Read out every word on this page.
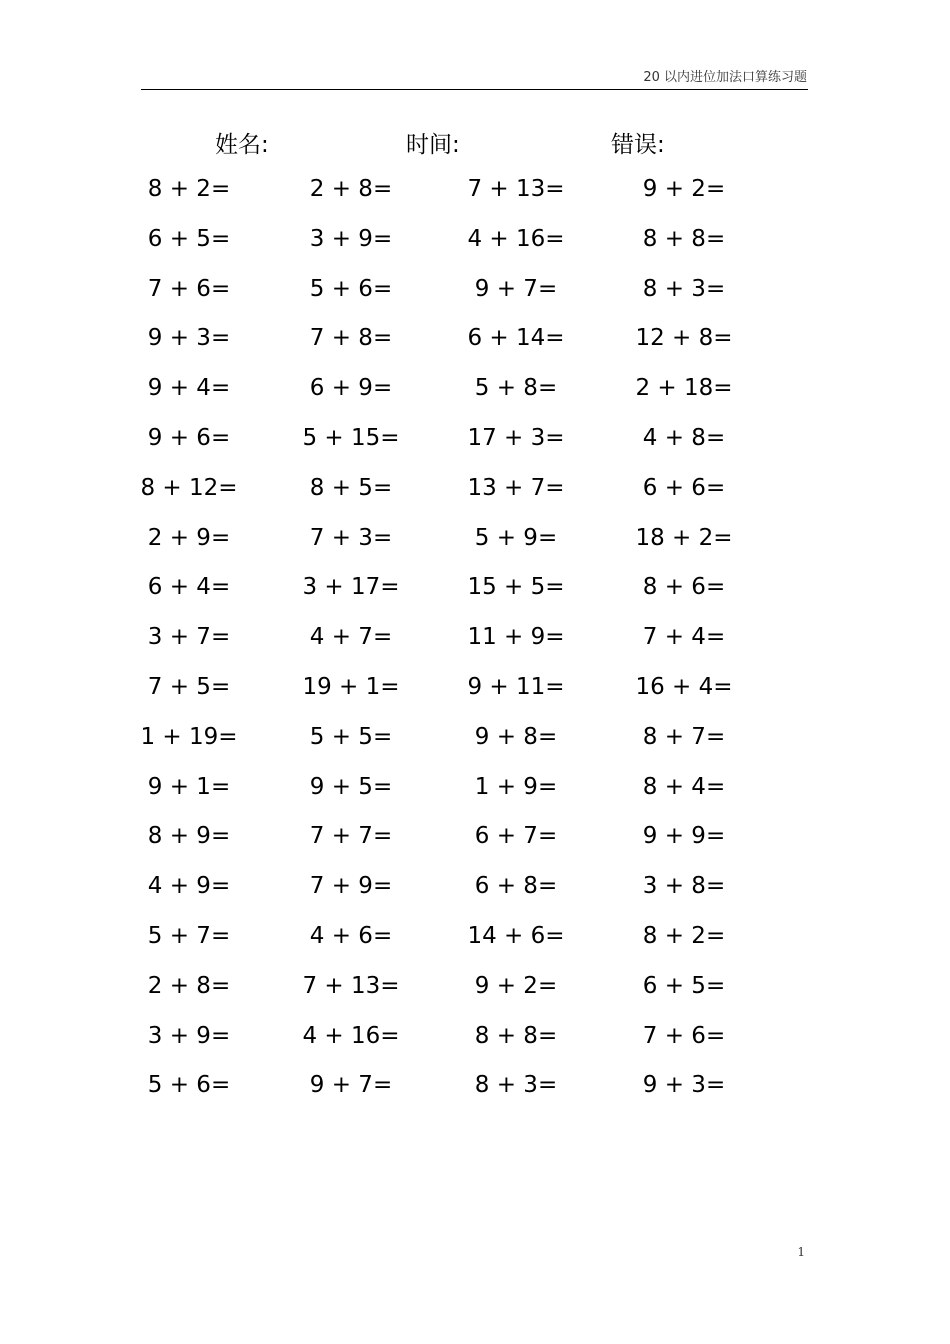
20 以内进位加法口算练习题
姓名:	时间:	错误:
8 + 2=	2 + 8=	7 + 13=	9 + 2=
6 + 5=	3 + 9=	4 + 16=	8 + 8=
7 + 6=	5 + 6=	9 + 7=	8 + 3=
9 + 3=	7 + 8=	6 + 14=	12 + 8=
9 + 4=	6 + 9=	5 + 8=	2 + 18=
9 + 6=	5 + 15=	17 + 3=	4 + 8=
8 + 12=	8 + 5=	13 + 7=	6 + 6=
2 + 9=	7 + 3=	5 + 9=	18 + 2=
6 + 4=	3 + 17=	15 + 5=	8 + 6=
3 + 7=	4 + 7=	11 + 9=	7 + 4=
7 + 5=	19 + 1=	9 + 11=	16 + 4=
1 + 19=	5 + 5=	9 + 8=	8 + 7=
9 + 1=	9 + 5=	1 + 9=	8 + 4=
8 + 9=	7 + 7=	6 + 7=	9 + 9=
4 + 9=	7 + 9=	6 + 8=	3 + 8=
5 + 7=	4 + 6=	14 + 6=	8 + 2=
2 + 8=	7 + 13=	9 + 2=	6 + 5=
3 + 9=	4 + 16=	8 + 8=	7 + 6=
5 + 6=	9 + 7=	8 + 3=	9 + 3=
1
